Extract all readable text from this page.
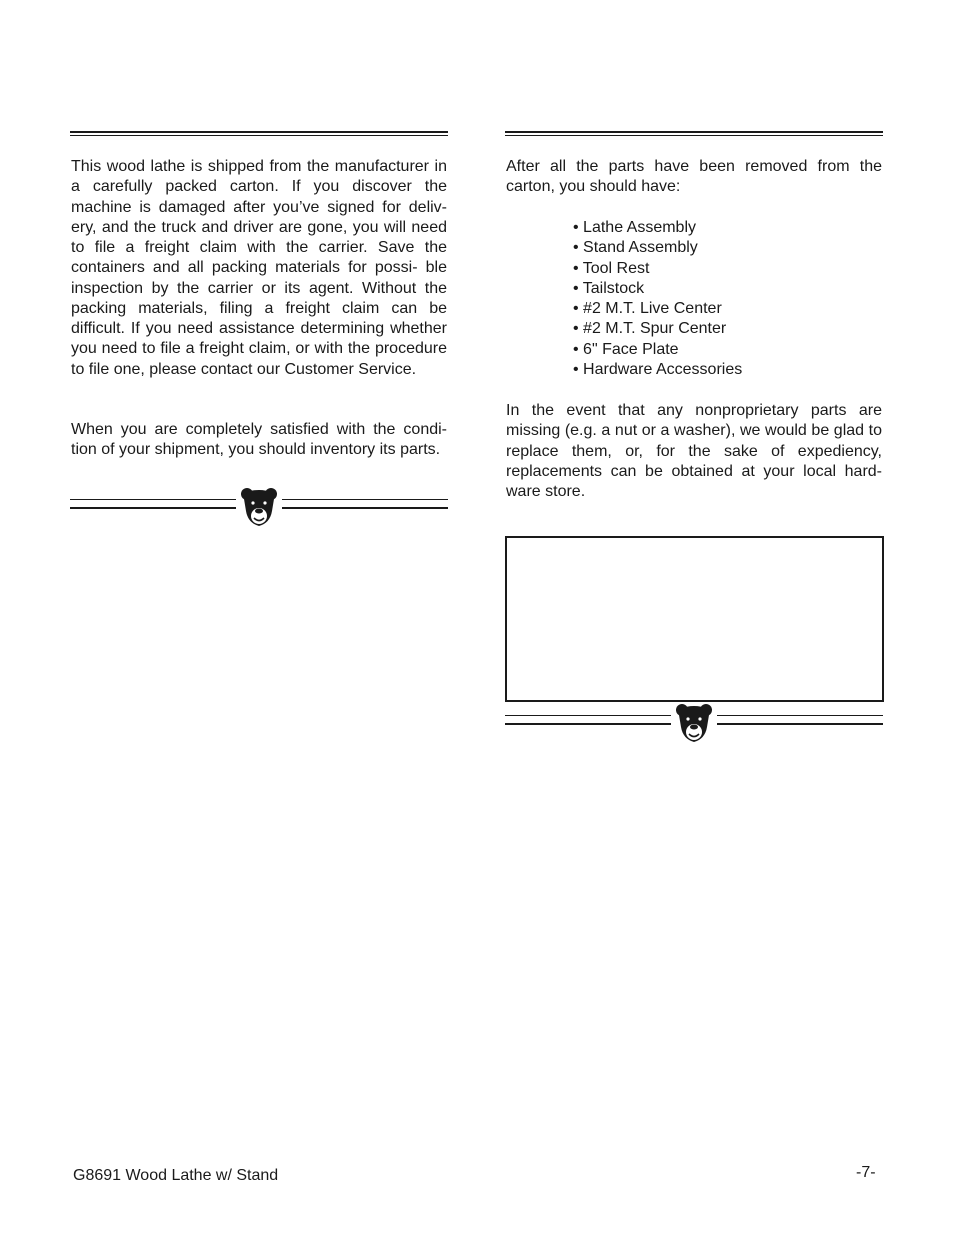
This wood lathe is shipped from the manufacturer in a carefully packed carton. If you discover the machine is damaged after you’ve signed for deliv- ery, and the truck and driver are gone, you will need to file a freight claim with the carrier. Save the containers and all packing materials for possi- ble inspection by the carrier or its agent. Without the packing materials, filing a freight claim can be difficult. If you need assistance determining whether you need to file a freight claim, or with the procedure to file one, please contact our Customer Service.

When you are completely satisfied with the condi- tion of your shipment, you should inventory its parts.

After all the parts have been removed from the carton, you should have:

• Lathe Assembly
• Stand Assembly
• Tool Rest
• Tailstock
• #2 M.T. Live Center
• #2 M.T. Spur Center
• 6" Face Plate
• Hardware Accessories

In the event that any nonproprietary parts are missing (e.g. a nut or a washer), we would be glad to replace them, or, for the sake of expediency, replacements can be obtained at your local hard- ware store.

G8691 Wood Lathe w/ Stand	-7-
